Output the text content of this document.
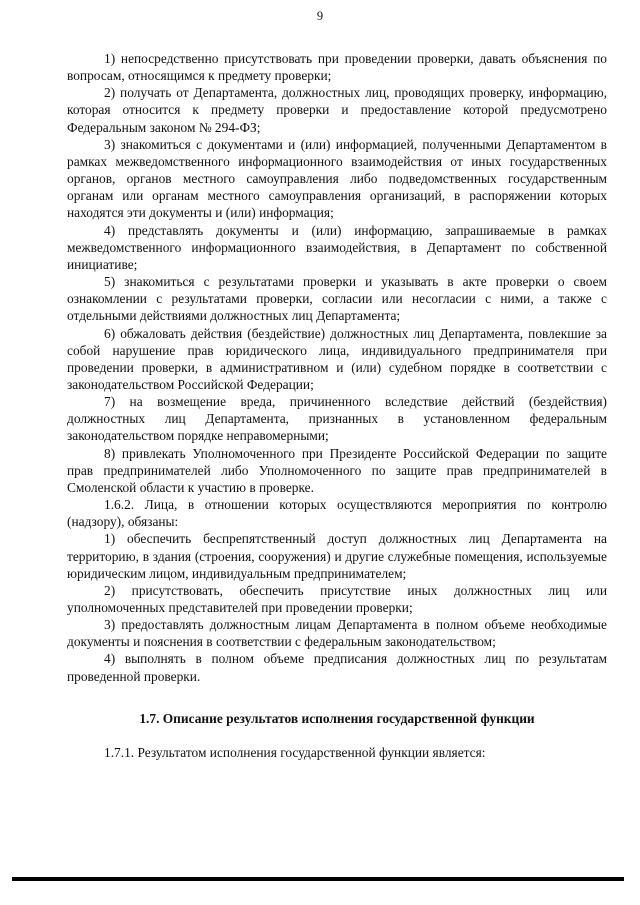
9

1) непосредственно присутствовать при проведении проверки, давать объяснения по вопросам, относящимся к предмету проверки;

2) получать от Департамента, должностных лиц, проводящих проверку, информацию, которая относится к предмету проверки и предоставление которой предусмотрено Федеральным законом № 294-ФЗ;

3) знакомиться с документами и (или) информацией, полученными Департаментом в рамках межведомственного информационного взаимодействия от иных государственных органов, органов местного самоуправления либо подведомственных государственным органам или органам местного самоуправления организаций, в распоряжении которых находятся эти документы и (или) информация;

4) представлять документы и (или) информацию, запрашиваемые в рамках межведомственного информационного взаимодействия, в Департамент по собственной инициативе;

5) знакомиться с результатами проверки и указывать в акте проверки о своем ознакомлении с результатами проверки, согласии или несогласии с ними, а также с отдельными действиями должностных лиц Департамента;

6) обжаловать действия (бездействие) должностных лиц Департамента, повлекшие за собой нарушение прав юридического лица, индивидуального предпринимателя при проведении проверки, в административном и (или) судебном порядке в соответствии с законодательством Российской Федерации;

7) на возмещение вреда, причиненного вследствие действий (бездействия) должностных лиц Департамента, признанных в установленном федеральным законодательством порядке неправомерными;

8) привлекать Уполномоченного при Президенте Российской Федерации по защите прав предпринимателей либо Уполномоченного по защите прав предпринимателей в Смоленской области к участию в проверке.

1.6.2. Лица, в отношении которых осуществляются мероприятия по контролю (надзору), обязаны:

1) обеспечить беспрепятственный доступ должностных лиц Департамента на территорию, в здания (строения, сооружения) и другие служебные помещения, используемые юридическим лицом, индивидуальным предпринимателем;

2) присутствовать, обеспечить присутствие иных должностных лиц или уполномоченных представителей при проведении проверки;

3) предоставлять должностным лицам Департамента в полном объеме необходимые документы и пояснения в соответствии с федеральным законодательством;

4) выполнять в полном объеме предписания должностных лиц по результатам проведенной проверки.

1.7. Описание результатов исполнения государственной функции

1.7.1. Результатом исполнения государственной функции является:
